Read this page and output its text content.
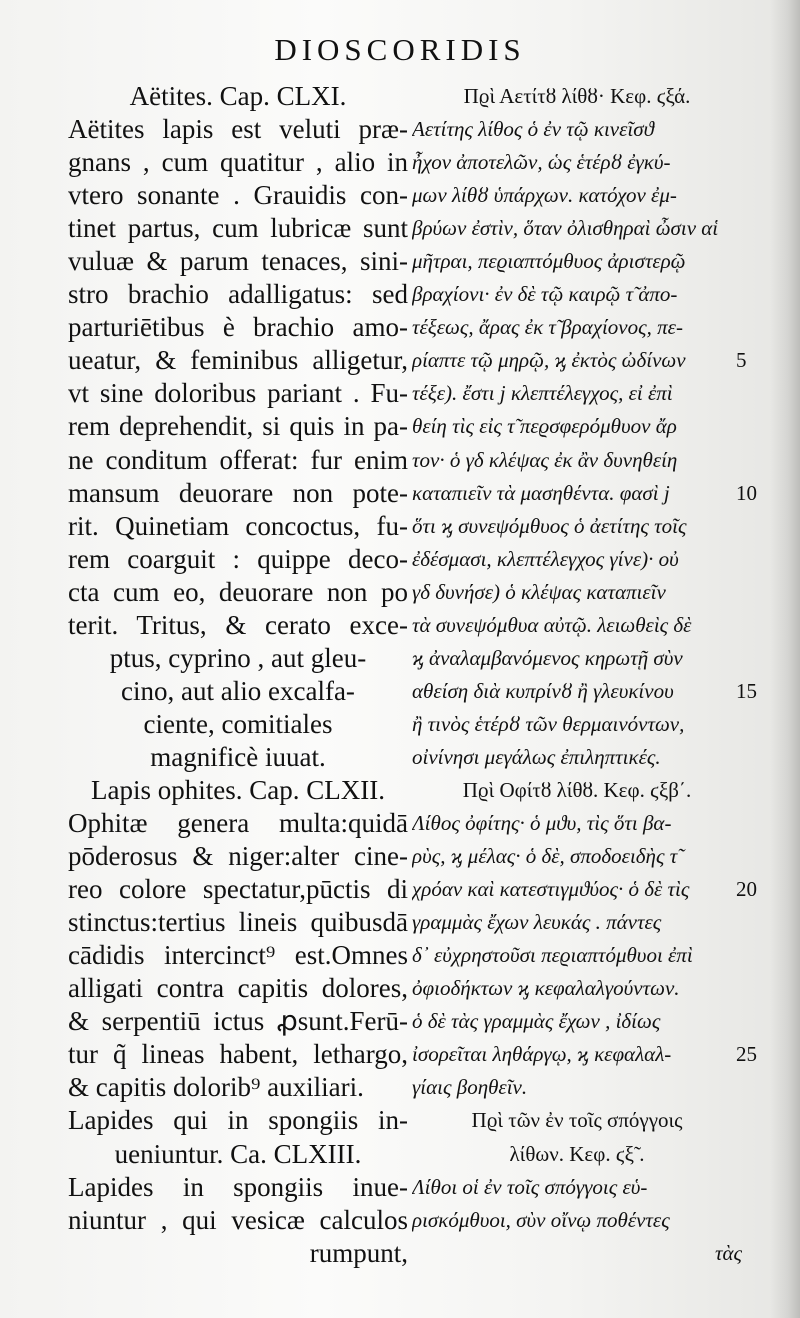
DIOSCORIDIS
Aëtites. Cap. CLXI.
Aëtites lapis est veluti præ-
gnans , cum quatitur , alio in
vtero sonante . Grauidis con-
tinet partus, cum lubricæ sunt
vuluæ & parum tenaces, sini-
stro brachio adalligatus: sed
parturiētibus è brachio amo-
ueatur, & feminibus alligetur,
vt sine doloribus pariant . Fu-
rem deprehendit, si quis in pa-
ne conditum offerat: fur enim
mansum deuorare non pote-
rit. Quinetiam concoctus, fu-
rem coarguit : quippe deco-
cta cum eo, deuorare non po
terit. Tritus, & cerato exce-
ptus, cyprino , aut gleu-
cino, aut alio excalfa-
ciente, comitiales
magnificè iuuat.
Lapis ophites. Cap. CLXII.
Ophitæ genera multa:quidā
pōderosus & niger:alter cine-
reo colore spectatur,pūctis di
stinctus:tertius lineis quibusdā
cādidis intercinct⁹ est.Omnes
alligati contra capitis dolores,
& serpentiū ictus ꝓsunt.Ferū-
tur q̃ lineas habent, lethargo,
& capitis dolorib⁹ auxiliari.
Lapides qui in spongiis in-
ueniuntur. Ca. CLXIII.
Lapides in spongiis inue-
niuntur , qui vesicæ calculos
rumpunt,
Πϱὶ Αετίτȣ λίθȣ· Κεφ. ϛξά.
Αετίτης λίθος ὁ ἐν τῷ κινεῖσϑ
ἦχον ἀποτελῶν, ὡς ἑτέρȣ ἐγκύ-
μων λίθȣ ὑπάρχων. κατόχον ἐμ-
βρύων ἐστὶν, ὅταν ὀλισθηραὶ ὦσιν αἱ
μῆτραι, πεϱιαπτόμθυος ἀριστερῷ
βραχίονι· ἐν δὲ τῷ καιρῷ τ̃ ἀπο-
τέξεως, ἄρας ἐκ τ̃ βραχίονος, πε-
ρίαπτε τῷ μηρῷ, ϗ ἐκτὸς ὠδίνων
τέξε). ἔστι ϳ κλεπτέλεγχος, εἰ ἐπὶ
θείη τὶς εἰς τ̃ πεϱσφερόμθυον ἄρ
τον· ὁ γδ κλέψας ἐκ ἂν δυνηθείη
καταπιεῖν τὰ μασηθέντα. φασὶ ϳ
ὅτι ϗ συνεψόμθυος ὁ ἀετίτης τοῖς
ἐδέσμασι, κλεπτέλεγχος γίνε)· οὐ
γδ δυνήσε) ὁ κλέψας καταπιεῖν
τὰ συνεψόμθυα αὐτῷ. λειωθεὶς δὲ
ϗ ἀναλαμβανόμενος κηρωτῇ σὺν
αθείση διὰ κυπρίνȣ ἢ γλευκίνου
ἢ τινὸς ἑτέρȣ τῶν θερμαινόντων,
οἰνίνησι μεγάλως ἐπιληπτικές.
Πϱὶ Οφίτȣ λίθȣ. Κεφ. ϛξβ΄.
Λίθος ὀφίτης· ὁ μϑυ, τὶς ὅτι βα-
ρὺς, ϗ μέλας· ὁ δὲ, σποδοειδὴς τ̃
χρόαν καὶ κατεστιγμϑύος· ὁ δὲ τὶς
γραμμὰς ἔχων λευκάς . πάντες
δ᾽ εὐχρηστοῦσι πεϱιαπτόμθυοι ἐπὶ
ὀφιοδήκτων ϗ κεφαλαλγούντων.
ὁ δὲ τὰς γραμμὰς ἔχων , ἰδίως
ἰσορεῖται ληθάργῳ, ϗ κεφαλαλ-
γίαις βοηθεῖν.
Πϱὶ τῶν ἐν τοῖς σπόγγοις
λίθων. Κεφ. ϛξ̃ .
Λίθοι οἱ ἐν τοῖς σπόγγοις εὑ-
ρισκόμθυοι, σὺν οἴνῳ ποθέντες
τὰς
5
10
15
20
25
